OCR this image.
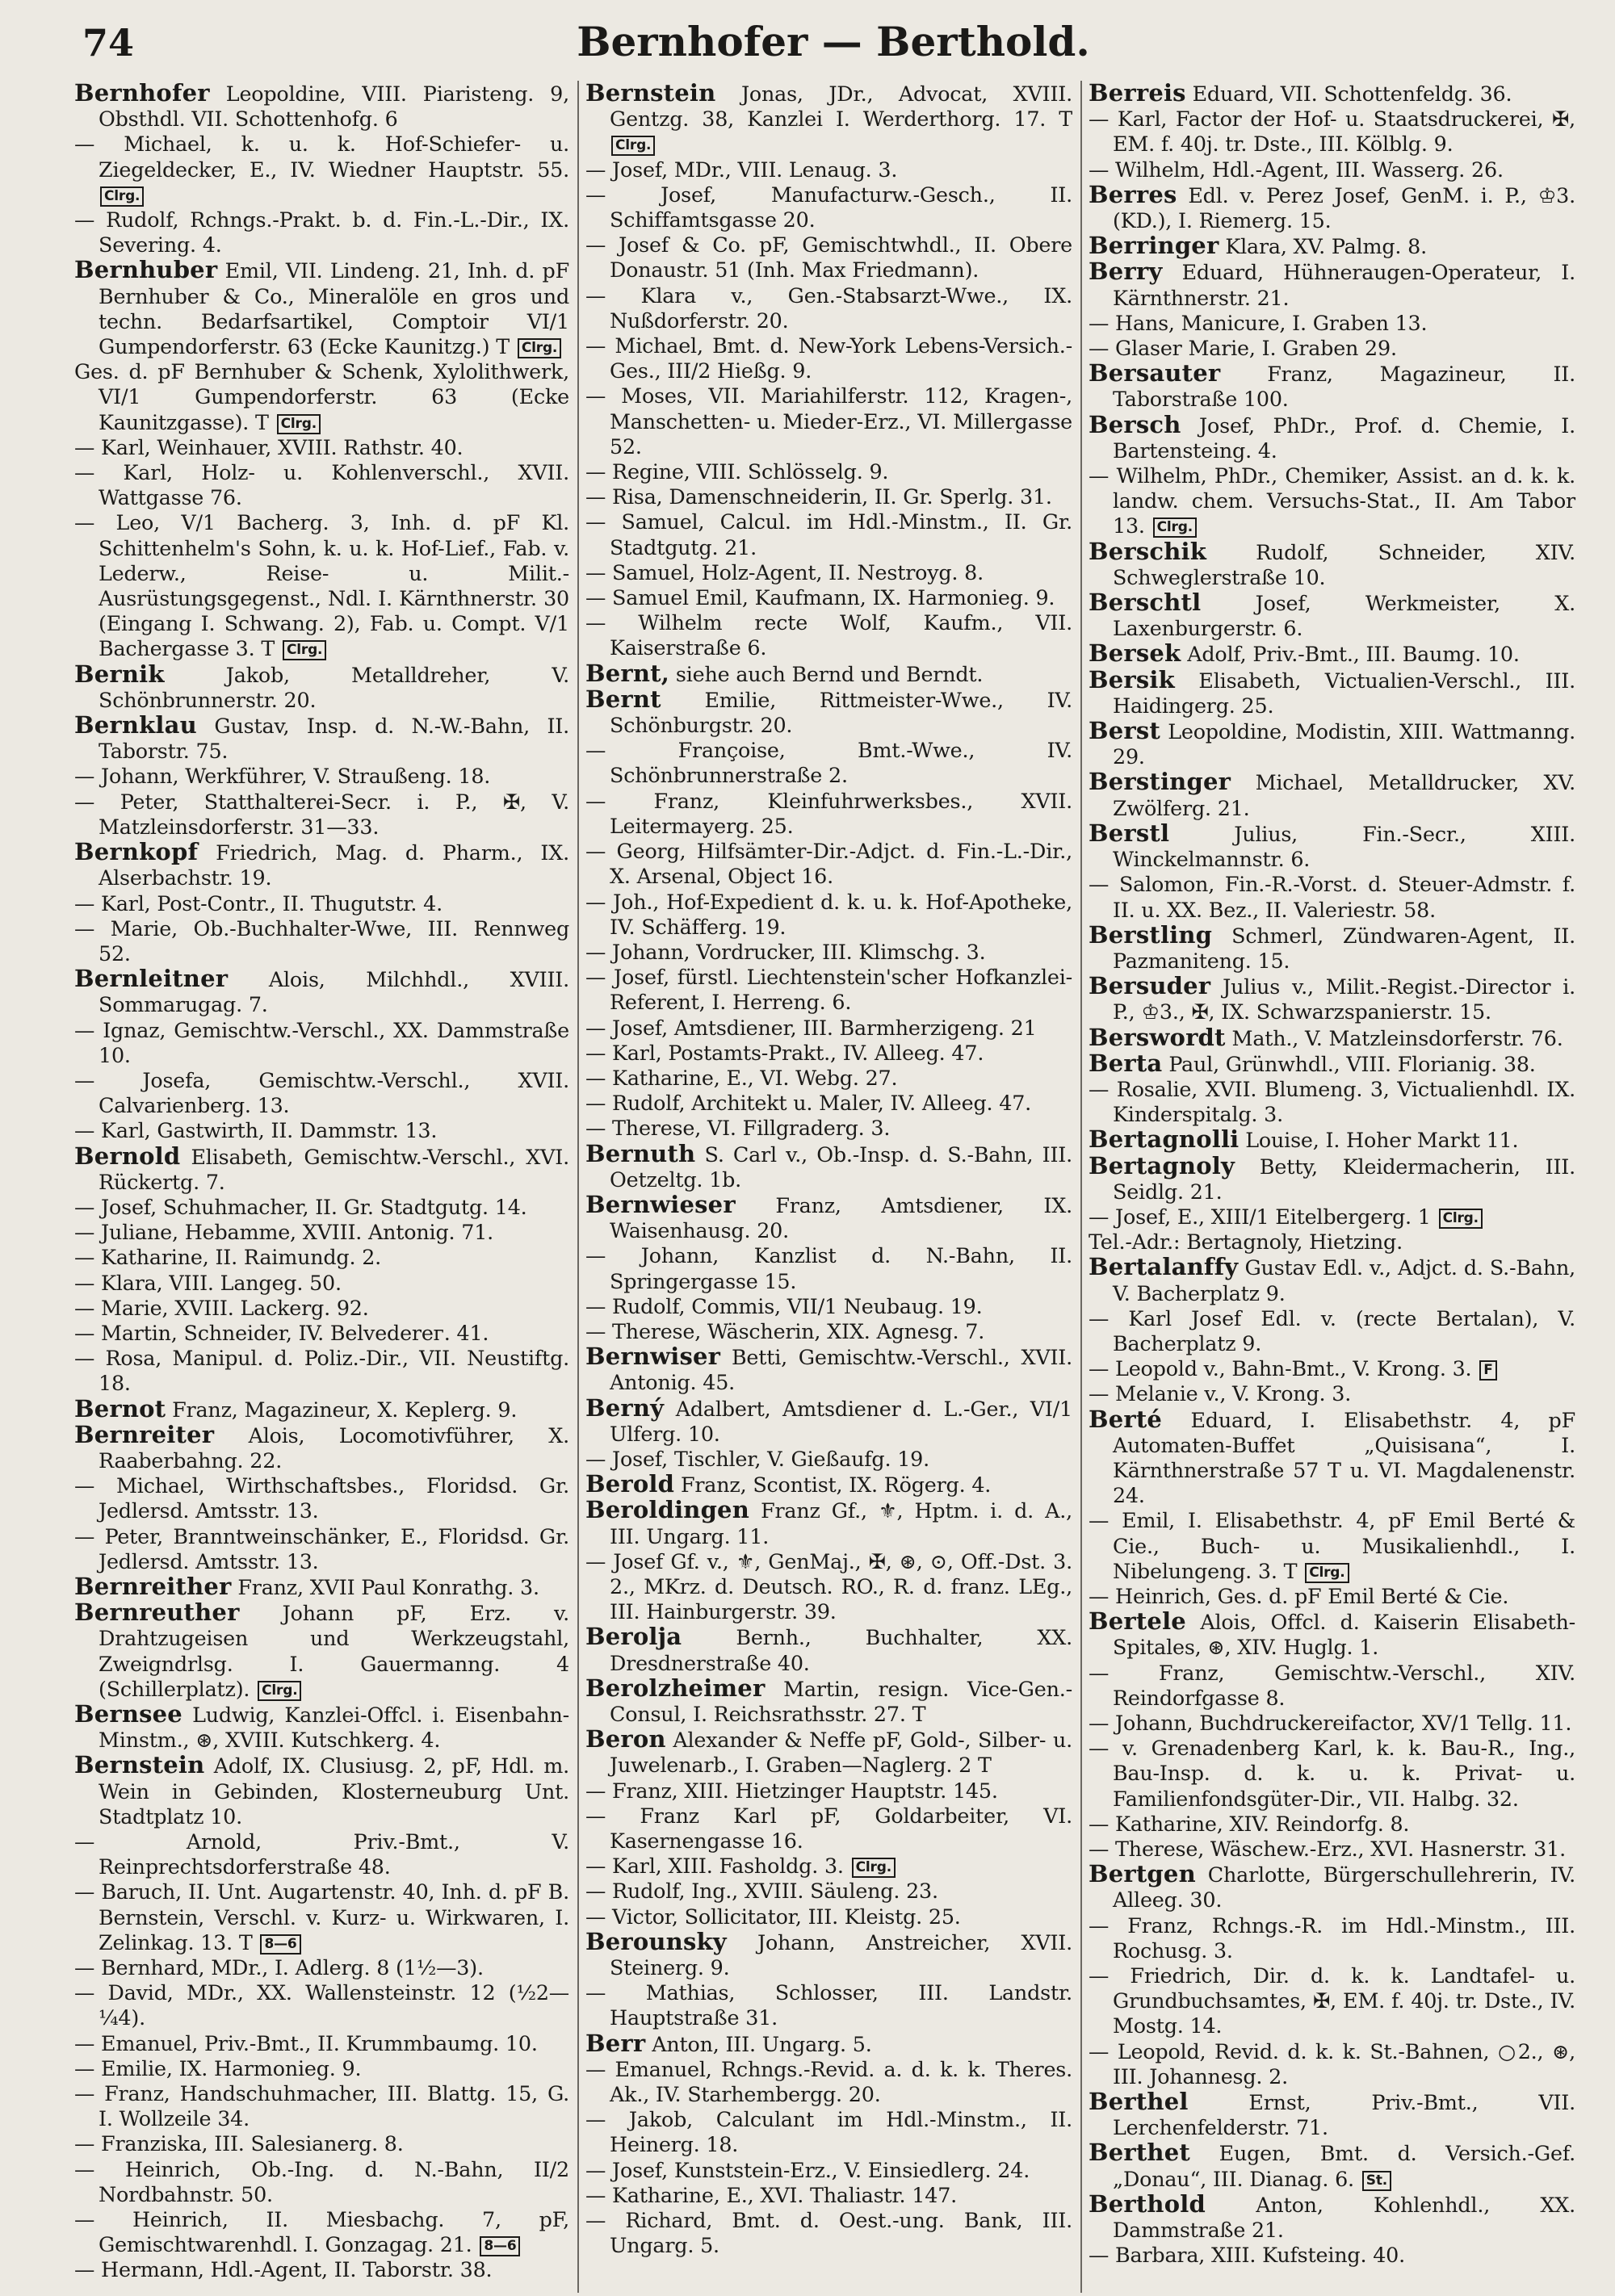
74	Bernhofer — Berthold.
Bernhofer Leopoldine, VIII. Piaristeng. 9, Obsthdl. VII. Schottenhofg. 6
— Michael, k. u. k. Hof-Schiefer- u. Ziegeldecker, E., IV. Wiedner Hauptstr. 55. Clrg.
— Rudolf, Rchngs.-Prakt. b. d. Fin.-L.-Dir., IX. Severing. 4.
Bernhuber Emil, VII. Lindeng. 21, Inh. d. pF Bernhuber & Co., Mineralöle en gros und techn. Bedarfsartikel, Comptoir VI/1 Gumpendorferstr. 63 (Ecke Kaunitzg.) T Clrg.
Ges. d. pF Bernhuber & Schenk, Xylolithwerk, VI/1 Gumpendorferstr. 63 (Ecke Kaunitzgasse). T Clrg.
— Karl, Weinhauer, XVIII. Rathstr. 40.
— Karl, Holz- u. Kohlenverschl., XVII. Wattgasse 76.
— Leo, V/1 Bacherg. 3, Inh. d. pF Kl. Schittenhelm's Sohn, k. u. k. Hof-Lief., Fab. v. Lederw., Reise- u. Milit.-Ausrüstungsgegenst., Ndl. I. Kärnthnerstr. 30 (Eingang I. Schwang. 2), Fab. u. Compt. V/1 Bachergasse 3. T Clrg.
Bernik	Jakob, Metalldreher, V. Schönbrunnerstr. 20.
Bernklau Gustav, Insp. d. N.-W.-Bahn, II. Taborstr. 75.
— Johann, Werkführer, V. Straußeng. 18.
— Peter, Statthalterei-Secr. i. P., ✠, V. Matzleinsdorferstr. 31—33.
Bernkopf Friedrich, Mag. d. Pharm., IX. Alserbachstr. 19.
— Karl, Post-Contr., II. Thugutstr. 4.
— Marie, Ob.-Buchhalter-Wwe, III. Rennweg 52.
Bernleitner Alois, Milchhdl., XVIII. Sommarugag. 7.
— Ignaz, Gemischtw.-Verschl., XX. Dammstraße 10.
— Josefa, Gemischtw.-Verschl., XVII. Calvarienberg. 13.
— Karl, Gastwirth, II. Dammstr. 13.
Bernold Elisabeth, Gemischtw.-Verschl., XVI. Rückertg. 7.
— Josef, Schuhmacher, II. Gr. Stadtgutg. 14.
— Juliane, Hebamme, XVIII. Antonig. 71.
— Katharine, II. Raimundg. 2.
— Klara, VIII. Langeg. 50.
— Marie, XVIII. Lackerg. 92.
— Martin, Schneider, IV. Belvederег. 41.
— Rosa, Manipul. d. Poliz.-Dir., VII. Neustiftg. 18.
Bernot Franz, Magazineur, X. Keplerg. 9.
Bernreiter Alois, Locomotivführer, X. Raaberbahng. 22.
— Michael, Wirthschaftsbes., Floridsd. Gr. Jedlersd. Amtsstr. 13.
— Peter, Branntweinschänker, E., Floridsd. Gr. Jedlersd. Amtsstr. 13.
Bernreither Franz, XVII Paul Konrathg. 3.
Bernreuther Johann pF, Erz. v. Drahtzugeisen und Werkzeugstahl, Zweigndrlsg. I. Gauermanng. 4 (Schillerplatz). Clrg.
Bernsee Ludwig, Kanzlei-Offcl. i. Eisenbahn-Minstm., ⊛, XVIII. Kutschkerg. 4.
Bernstein Adolf, IX. Clusiusg. 2, pF, Hdl. m. Wein in Gebinden, Klosterneuburg Unt. Stadtplatz 10.
— Arnold, Priv.-Bmt., V. Reinprechtsdorferstraße 48.
— Baruch, II. Unt. Augartenstr. 40, Inh. d. pF B. Bernstein, Verschl. v. Kurz- u. Wirkwaren, I. Zelinkag. 13. T 8—6
— Bernhard, MDr., I. Adlerg. 8 (1½—3).
— David, MDr., XX. Wallensteinstr. 12 (½2—¼4).
— Emanuel, Priv.-Bmt., II. Krummbaumg. 10.
— Emilie, IX. Harmonieg. 9.
— Franz, Handschuhmacher, III. Blattg. 15, G. I. Wollzeile 34.
— Franziska, III. Salesianerg. 8.
— Heinrich, Ob.-Ing. d. N.-Bahn, II/2 Nordbahnstr. 50.
— Heinrich, II. Miesbachg. 7, pF, Gemischtwarenhdl. I. Gonzagag. 21. 8—6
— Hermann, Hdl.-Agent, II. Taborstr. 38.
Bernstein Jonas, JDr., Advocat, XVIII. Gentzg. 38, Kanzlei I. Werderthorg. 17. T Clrg.
— Josef, MDr., VIII. Lenaug. 3.
— Josef, Manufacturw.-Gesch., II. Schiffamtsgasse 20.
— Josef & Co. pF, Gemischtwhdl., II. Obere Donaustr. 51 (Inh. Max Friedmann).
— Klara v., Gen.-Stabsarzt-Wwe., IX. Nußdorferstr. 20.
— Michael, Bmt. d. New-York Lebens-Versich.-Ges., III/2 Hießg. 9.
— Moses, VII. Mariahilferstr. 112, Kragen-, Manschetten- u. Mieder-Erz., VI. Millergasse 52.
— Regine, VIII. Schlösselg. 9.
— Risa, Damenschneiderin, II. Gr. Sperlg. 31.
— Samuel, Calcul. im Hdl.-Minstm., II. Gr. Stadtgutg. 21.
— Samuel, Holz-Agent, II. Nestroyg. 8.
— Samuel Emil, Kaufmann, IX. Harmonieg. 9.
— Wilhelm recte Wolf, Kaufm., VII. Kaiserstraße 6.
Bernt, siehe auch Bernd und Berndt.
Bernt Emilie, Rittmeister-Wwe., IV. Schönburgstr. 20.
— Françoise, Bmt.-Wwe., IV. Schönbrunnerstraße 2.
— Franz, Kleinfuhrwerksbes., XVII. Leitermayerg. 25.
— Georg, Hilfsämter-Dir.-Adjct. d. Fin.-L.-Dir., X. Arsenal, Object 16.
— Joh., Hof-Expedient d. k. u. k. Hof-Apotheke, IV. Schäfferg. 19.
— Johann, Vordrucker, III. Klimschg. 3.
— Josef, fürstl. Liechtenstein'scher Hofkanzlei-Referent, I. Herreng. 6.
— Josef, Amtsdiener, III. Barmherzigeng. 21
— Karl, Postamts-Prakt., IV. Alleeg. 47.
— Katharine, E., VI. Webg. 27.
— Rudolf, Architekt u. Maler, IV. Alleeg. 47.
— Therese, VI. Fillgraderg. 3.
Bernuth S. Carl v., Ob.-Insp. d. S.-Bahn, III. Oetzeltg. 1b.
Bernwieser Franz, Amtsdiener, IX. Waisenhausg. 20.
— Johann, Kanzlist d. N.-Bahn, II. Springergasse 15.
— Rudolf, Commis, VII/1 Neubaug. 19.
— Therese, Wäscherin, XIX. Agnesg. 7.
Bernwiser Betti, Gemischtw.-Verschl., XVII. Antonig. 45.
Berný Adalbert, Amtsdiener d. L.-Ger., VI/1 Ulferg. 10.
— Josef, Tischler, V. Gießaufg. 19.
Berold Franz, Scontist, IX. Rögerg. 4.
Beroldingen Franz Gf., ⚜, Hptm. i. d. A., III. Ungarg. 11.
— Josef Gf. v., ⚜, GenMaj., ✠, ⊛, ⊙, Off.-Dst. 3. 2., MKrz. d. Deutsch. RO., R. d. franz. LEg., III. Hainburgerstr. 39.
Berolja	Bernh., Buchhalter, XX. Dresdnerstraße 40.
Berolzheimer Martin, resign. Vice-Gen.-Consul, I. Reichsrathsstr. 27. T
Beron Alexander & Neffe pF, Gold-, Silber- u. Juwelenarb., I. Graben—Naglerg. 2 T
— Franz, XIII. Hietzinger Hauptstr. 145.
— Franz Karl pF, Goldarbeiter, VI. Kasernengasse 16.
— Karl, XIII. Fasholdg. 3. Clrg.
— Rudolf, Ing., XVIII. Säuleng. 23.
— Victor, Sollicitator, III. Kleistg. 25.
Berounsky Johann, Anstreicher, XVII. Steinerg. 9.
— Mathias, Schlosser, III. Landstr. Hauptstraße 31.
Berr Anton, III. Ungarg. 5.
— Emanuel, Rchngs.-Revid. a. d. k. k. Theres. Ak., IV. Starhembergg. 20.
— Jakob, Calculant im Hdl.-Minstm., II. Heinerg. 18.
— Josef, Kunststein-Erz., V. Einsiedlerg. 24.
— Katharine, E., XVI. Thaliastr. 147.
— Richard, Bmt. d. Oest.-ung. Bank, III. Ungarg. 5.
Berreis Eduard, VII. Schottenfeldg. 36.
— Karl, Factor der Hof- u. Staatsdruckerei, ✠, EM. f. 40j. tr. Dste., III. Kölblg. 9.
— Wilhelm, Hdl.-Agent, III. Wasserg. 26.
Berres Edl. v. Perez Josef, GenM. i. P., ♔3. (KD.), I. Riemerg. 15.
Berringer Klara, XV. Palmg. 8.
Berry Eduard, Hühneraugen-Operateur, I. Kärnthnerstr. 21.
— Hans, Manicure, I. Graben 13.
— Glaser Marie, I. Graben 29.
Bersauter Franz, Magazineur, II. Taborstraße 100.
Bersch Josef, PhDr., Prof. d. Chemie, I. Bartensteing. 4.
— Wilhelm, PhDr., Chemiker, Assist. an d. k. k. landw. chem. Versuchs-Stat., II. Am Tabor 13. Clrg.
Berschik Rudolf, Schneider, XIV. Schweglerstraße 10.
Berschtl	Josef, Werkmeister, X. Laxenburgerstr. 6.
Bersek Adolf, Priv.-Bmt., III. Baumg. 10.
Bersik Elisabeth, Victualien-Verschl., III. Haidingerg. 25.
Berst Leopoldine, Modistin, XIII. Wattmanng. 29.
Berstinger Michael, Metalldrucker, XV. Zwölferg. 21.
Berstl	Julius, Fin.-Secr., XIII. Winckelmannstr. 6.
— Salomon, Fin.-R.-Vorst. d. Steuer-Admstr. f. II. u. XX. Bez., II. Valeriestr. 58.
Berstling Schmerl, Zündwaren-Agent, II. Pazmaniteng. 15.
Bersuder Julius v., Milit.-Regist.-Director i. P., ♔3., ✠, IX. Schwarzspanierstr. 15.
Berswordt Math., V. Matzleinsdorferstr. 76.
Berta Paul, Grünwhdl., VIII. Florianig. 38.
— Rosalie, XVII. Blumeng. 3, Victualienhdl. IX. Kinderspitalg. 3.
Bertagnolli Louise, I. Hoher Markt 11.
Bertagnoly Betty, Kleidermacherin, III. Seidlg. 21.
— Josef, E., XIII/1 Eitelbergerg. 1 Clrg.
Tel.-Adr.: Bertagnoly, Hietzing.
Bertalanffy Gustav Edl. v., Adjct. d. S.-Bahn, V. Bacherplatz 9.
— Karl Josef Edl. v. (recte Bertalan), V. Bacherplatz 9.
— Leopold v., Bahn-Bmt., V. Krong. 3. F
— Melanie v., V. Krong. 3.
Berté Eduard, I. Elisabethstr. 4, pF Automaten-Buffet „Quisisana“, I. Kärnthnerstraße 57 T u. VI. Magdalenenstr. 24.
— Emil, I. Elisabethstr. 4, pF Emil Berté & Cie., Buch- u. Musikalienhdl., I. Nibelungeng. 3. T Clrg.
— Heinrich, Ges. d. pF Emil Berté & Cie.
Bertele Alois, Offcl. d. Kaiserin Elisabeth-Spitales, ⊛, XIV. Huglg. 1.
— Franz, Gemischtw.-Verschl., XIV. Reindorfgasse 8.
— Johann, Buchdruckereifactor, XV/1 Tellg. 11.
— v. Grenadenberg Karl, k. k. Bau-R., Ing., Bau-Insp. d. k. u. k. Privat- u. Familienfondsgüter-Dir., VII. Halbg. 32.
— Katharine, XIV. Reindorfg. 8.
— Therese, Wäschew.-Erz., XVI. Hasnerstr. 31.
Bertgen Charlotte, Bürgerschullehrerin, IV. Alleeg. 30.
— Franz, Rchngs.-R. im Hdl.-Minstm., III. Rochusg. 3.
— Friedrich, Dir. d. k. k. Landtafel- u. Grundbuchsamtes, ✠, EM. f. 40j. tr. Dste., IV. Mostg. 14.
— Leopold, Revid. d. k. k. St.-Bahnen, ○2., ⊛, III. Johannesg. 2.
Berthel	Ernst, Priv.-Bmt., VII. Lerchenfelderstr. 71.
Berthet Eugen, Bmt. d. Versich.-Gef. „Donau“, III. Dianag. 6. St.
Berthold Anton, Kohlenhdl., XX. Dammstraße 21.
— Barbara, XIII. Kufsteing. 40.
